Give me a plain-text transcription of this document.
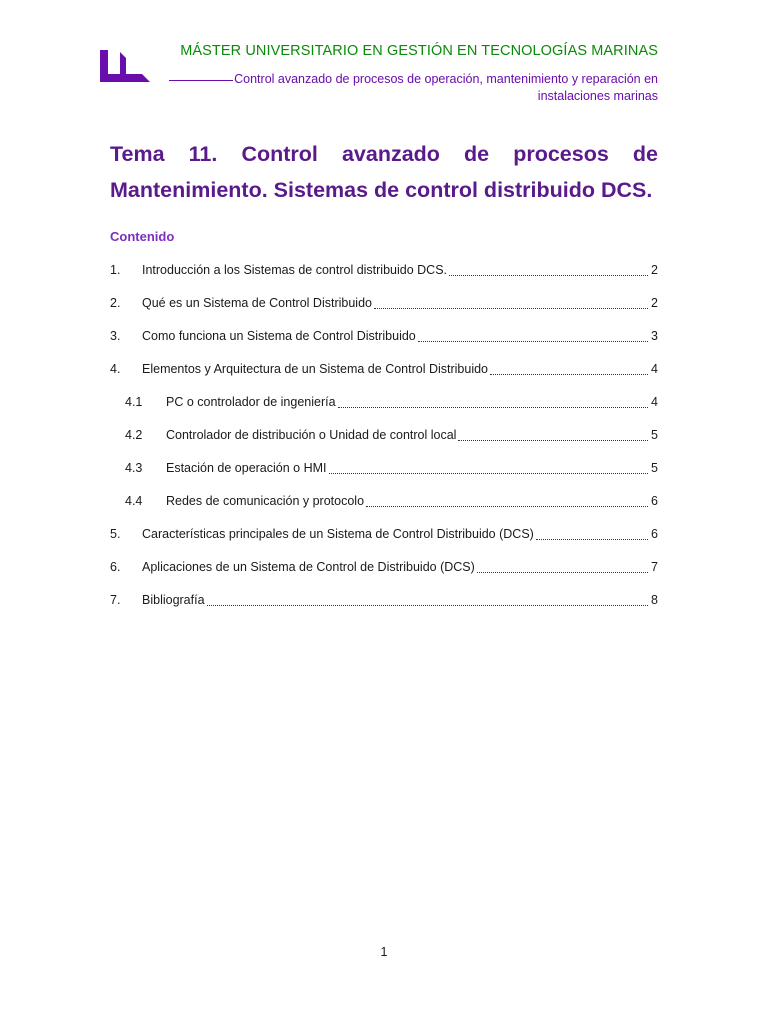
MÁSTER UNIVERSITARIO EN GESTIÓN EN TECNOLOGÍAS MARINAS
Control avanzado de procesos de operación, mantenimiento y reparación en
instalaciones marinas
Tema 11. Control avanzado de procesos de
Mantenimiento. Sistemas de control distribuido DCS.
Contenido
1.	Introducción a los Sistemas de control distribuido DCS.	2
2.	Qué es un Sistema de Control Distribuido	2
3.	Como funciona un Sistema de Control Distribuido	3
4.	Elementos y Arquitectura de un Sistema de Control Distribuido	4
4.1	PC o controlador de ingeniería	4
4.2	Controlador de distribución o Unidad de control local	5
4.3	Estación de operación o HMI	5
4.4	Redes de comunicación y protocolo	6
5.	Características principales de un Sistema de Control Distribuido (DCS)	6
6.	Aplicaciones de un Sistema de Control de Distribuido (DCS)	7
7.	Bibliografía	8
1
